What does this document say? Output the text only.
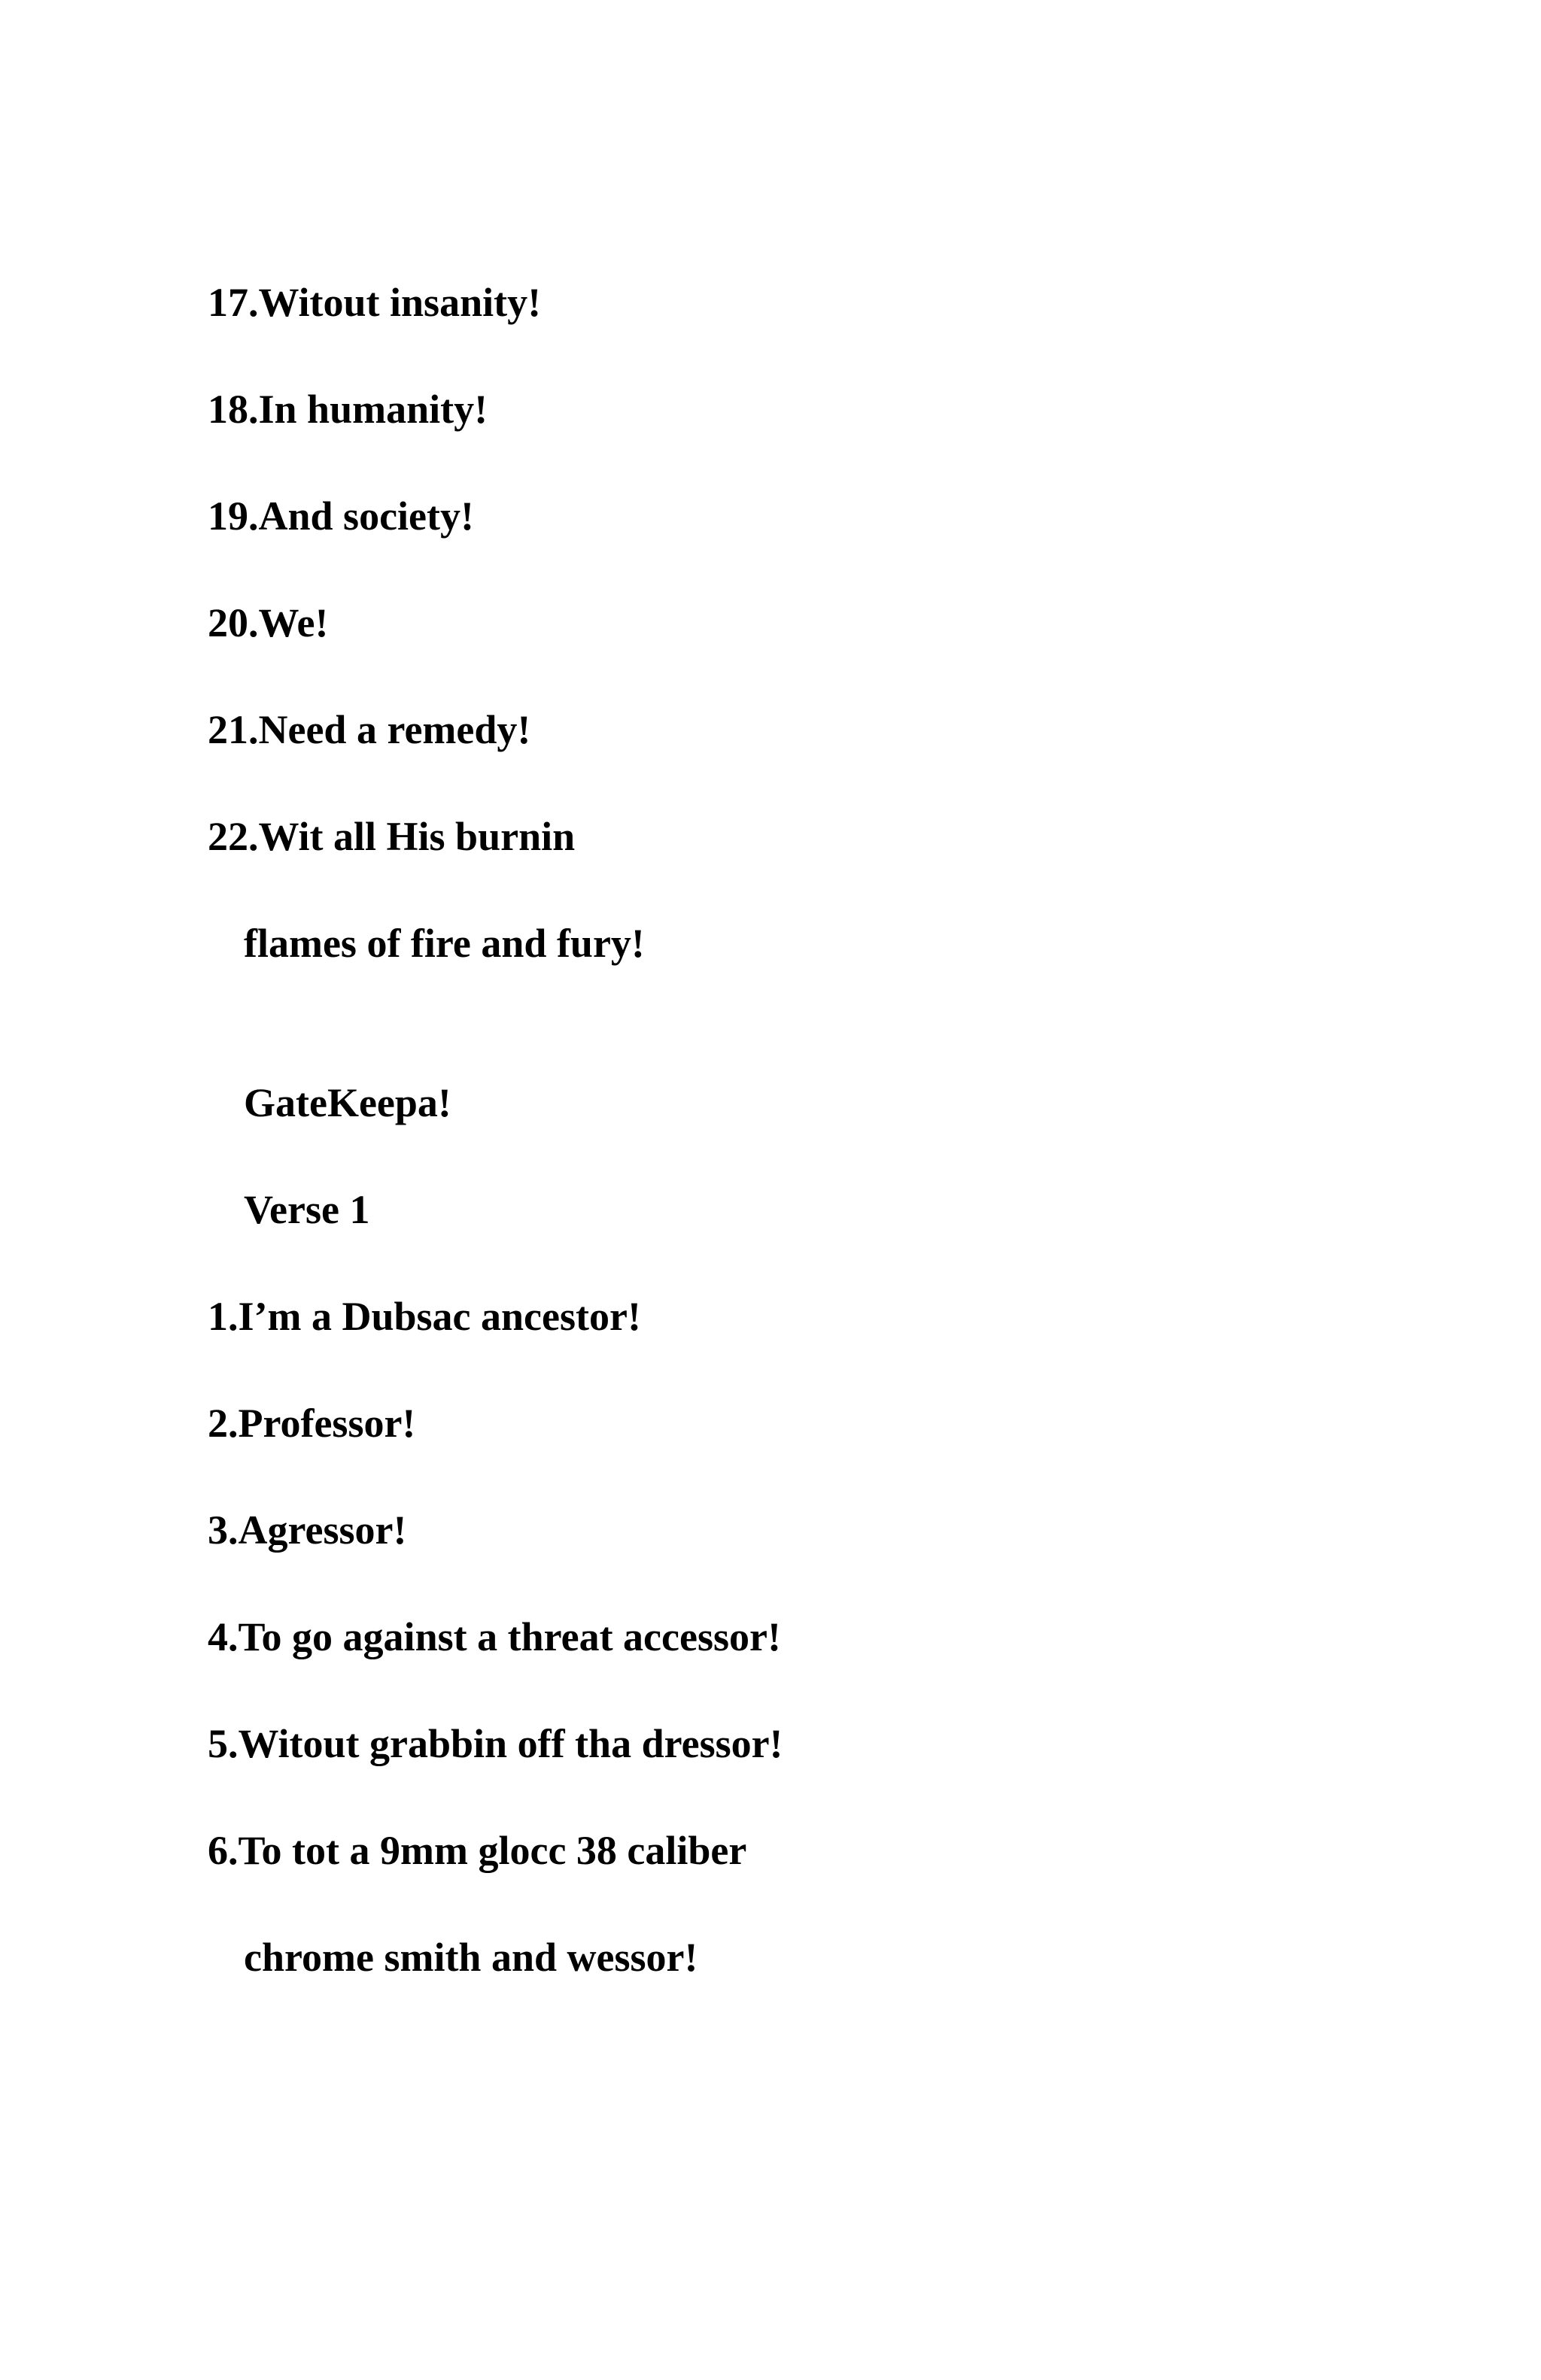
17.Witout insanity!
18.In humanity!
19.And society!
20.We!
21.Need a remedy!
22.Wit all His burnin
flames of fire and fury!
GateKeepa!
Verse 1
1.I’m a Dubsac ancestor!
2.Professor!
3.Agressor!
4.To go against a threat accessor!
5.Witout grabbin off tha dressor!
6.To tot a 9mm glocc 38 caliber
chrome smith and wessor!
